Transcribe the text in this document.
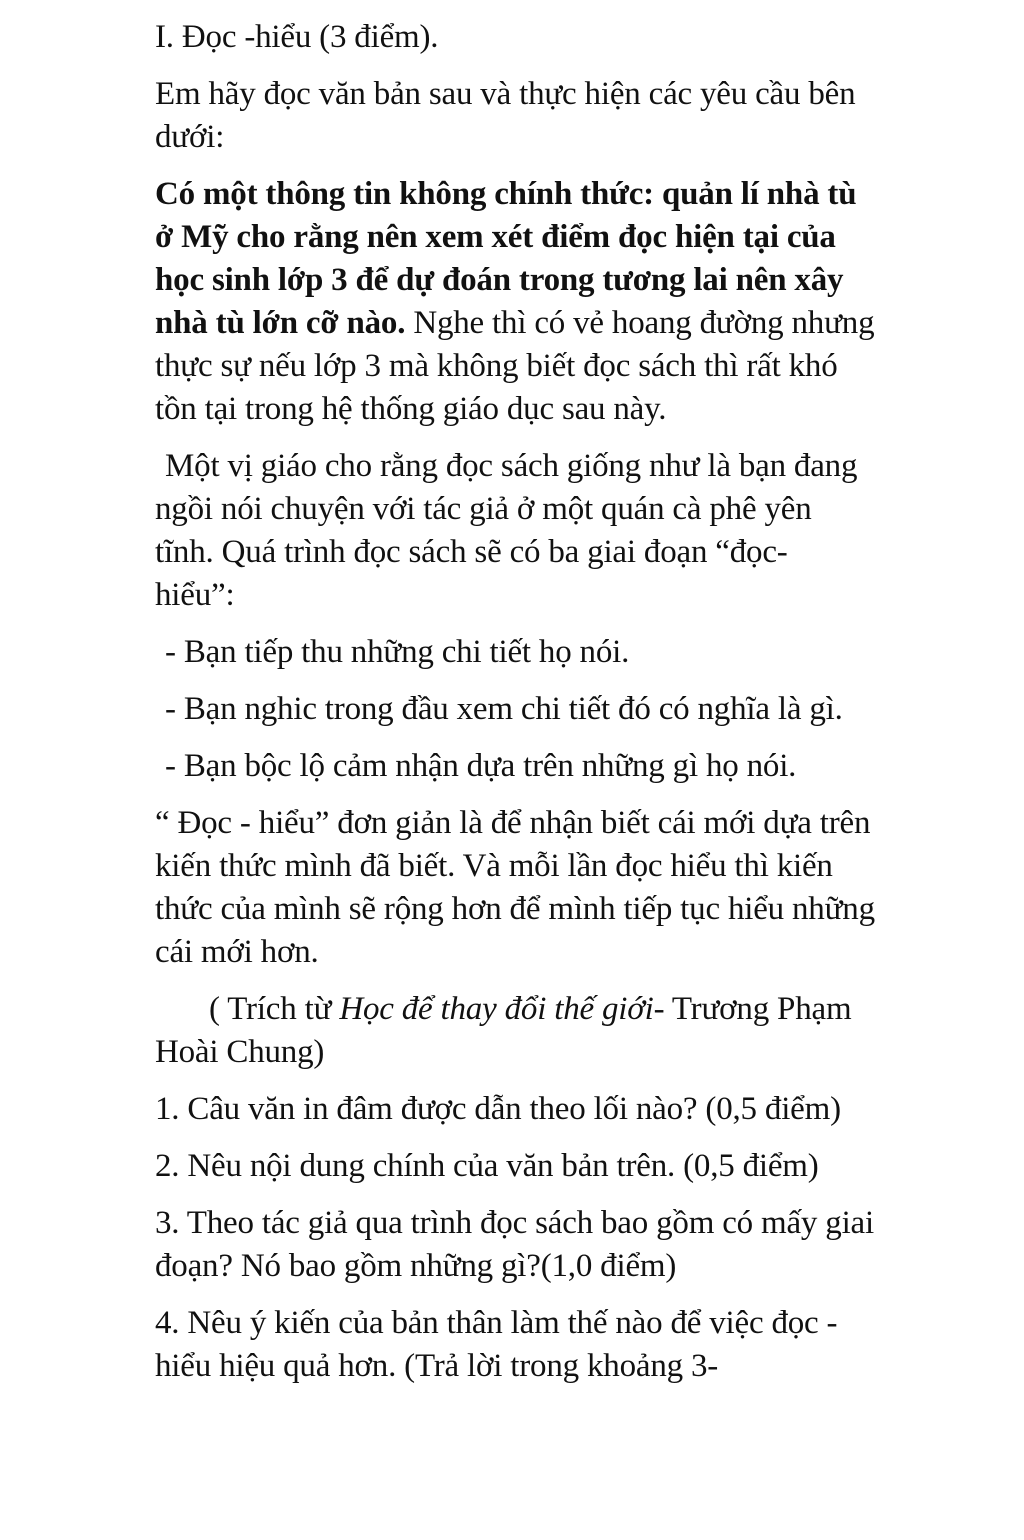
I. Đọc -hiểu (3 điểm).

Em hãy đọc văn bản sau và thực hiện các yêu cầu bên dưới:

Có một thông tin không chính thức: quản lí nhà tù ở Mỹ cho rằng nên xem xét điểm đọc hiện tại của học sinh lớp 3 để dự đoán trong tương lai nên xây nhà tù lớn cỡ nào. Nghe thì có vẻ hoang đường nhưng thực sự nếu lớp 3 mà không biết đọc sách thì rất khó tồn tại trong hệ thống giáo dục sau này.

Một vị giáo cho rằng đọc sách giống như là bạn đang ngồi nói chuyện với tác giả ở một quán cà phê yên tĩnh. Quá trình đọc sách sẽ có ba giai đoạn “đọc- hiểu”:

- Bạn tiếp thu những chi tiết họ nói.

- Bạn nghic trong đầu xem chi tiết đó có nghĩa là gì.

- Bạn bộc lộ cảm nhận dựa trên những gì họ nói.

“ Đọc - hiểu” đơn giản là để nhận biết cái mới dựa trên kiến thức mình đã biết. Và mỗi lần đọc hiểu thì kiến thức của mình sẽ rộng hơn để mình tiếp tục hiểu những cái mới hơn.

( Trích từ Học để thay đổi thế giới- Trương Phạm Hoài Chung)

1. Câu văn in đâm được dẫn theo lối nào? (0,5 điểm)

2. Nêu nội dung chính của văn bản trên. (0,5 điểm)

3. Theo tác giả qua trình đọc sách bao gồm có mấy giai đoạn? Nó bao gồm những gì?(1,0 điểm)

4. Nêu ý kiến của bản thân làm thế nào để việc đọc - hiểu hiệu quả hơn. (Trả lời trong khoảng 3-
